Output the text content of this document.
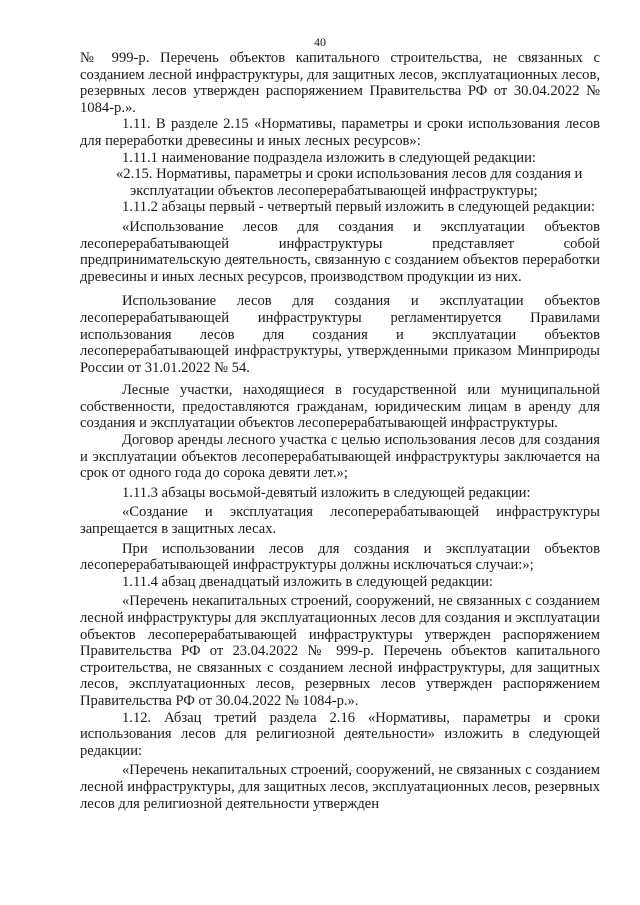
40

№ 999-р. Перечень объектов капитального строительства, не связанных с созданием лесной инфраструктуры, для защитных лесов, эксплуатационных лесов, резервных лесов утвержден распоряжением Правительства РФ от 30.04.2022 № 1084-р.».

1.11. В разделе 2.15 «Нормативы, параметры и сроки использования лесов для переработки древесины и иных лесных ресурсов»:

1.11.1 наименование подраздела изложить в следующей редакции:

«2.15. Нормативы, параметры и сроки использования лесов для создания и эксплуатации объектов лесоперерабатывающей инфраструктуры;

1.11.2 абзацы первый - четвертый первый изложить в следующей редакции:

«Использование лесов для создания и эксплуатации объектов лесоперерабатывающей инфраструктуры представляет собой предпринимательскую деятельность, связанную с созданием объектов переработки древесины и иных лесных ресурсов, производством продукции из них.

Использование лесов для создания и эксплуатации объектов лесоперерабатывающей инфраструктуры регламентируется Правилами использования лесов для создания и эксплуатации объектов лесоперерабатывающей инфраструктуры, утвержденными приказом Минприроды России от 31.01.2022 № 54.

Лесные участки, находящиеся в государственной или муниципальной собственности, предоставляются гражданам, юридическим лицам в аренду для создания и эксплуатации объектов лесоперерабатывающей инфраструктуры.

Договор аренды лесного участка с целью использования лесов для создания и эксплуатации объектов лесоперерабатывающей инфраструктуры заключается на срок от одного года до сорока девяти лет.»;

1.11.3 абзацы восьмой-девятый изложить в следующей редакции:

«Создание и эксплуатация лесоперерабатывающей инфраструктуры запрещается в защитных лесах.

При использовании лесов для создания и эксплуатации объектов лесоперерабатывающей инфраструктуры должны исключаться случаи:»;

1.11.4 абзац двенадцатый изложить в следующей редакции:

«Перечень некапитальных строений, сооружений, не связанных с созданием лесной инфраструктуры для эксплуатационных лесов для создания и эксплуатации объектов лесоперерабатывающей инфраструктуры утвержден распоряжением Правительства РФ от 23.04.2022 № 999-р. Перечень объектов капитального строительства, не связанных с созданием лесной инфраструктуры, для защитных лесов, эксплуатационных лесов, резервных лесов утвержден распоряжением Правительства РФ от 30.04.2022 № 1084-р.».

1.12. Абзац третий раздела 2.16 «Нормативы, параметры и сроки использования лесов для религиозной деятельности» изложить в следующей редакции:

«Перечень некапитальных строений, сооружений, не связанных с созданием лесной инфраструктуры, для защитных лесов, эксплуатационных лесов, резервных лесов для религиозной деятельности утвержден
